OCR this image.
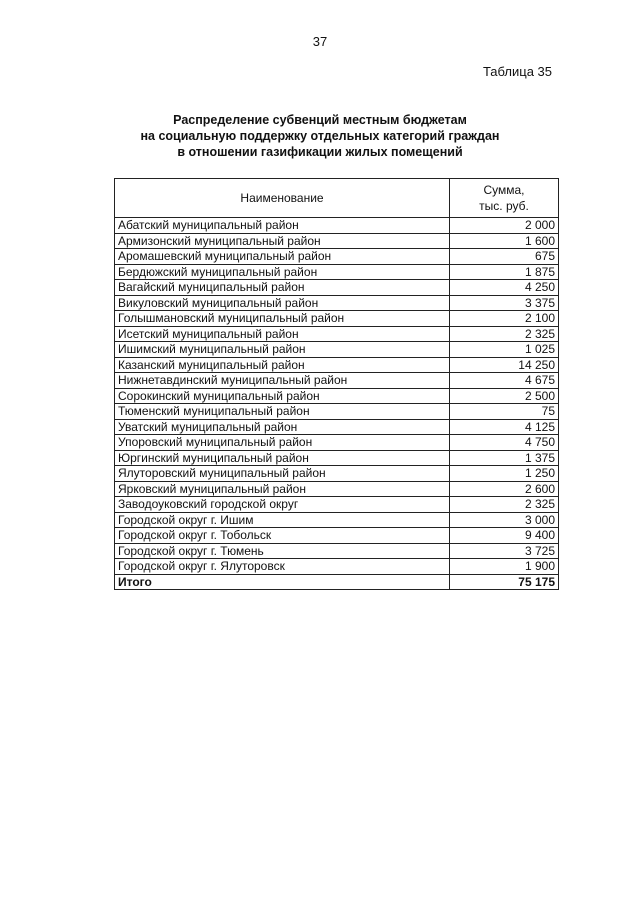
37
Таблица 35
Распределение субвенций местным бюджетам
на социальную поддержку отдельных категорий граждан
в отношении газификации жилых помещений
Наименование	Сумма,
тыс. руб.

Абатский муниципальный район	2 000
Армизонский муниципальный район	1 600
Аромашевский муниципальный район	675
Бердюжский муниципальный район	1 875
Вагайский муниципальный район	4 250
Викуловский муниципальный район	3 375
Голышмановский муниципальный район	2 100
Исетский муниципальный район	2 325
Ишимский муниципальный район	1 025
Казанский муниципальный район	14 250
Нижнетавдинский муниципальный район	4 675
Сорокинский муниципальный район	2 500
Тюменский муниципальный район	75
Уватский муниципальный район	4 125
Упоровский муниципальный район	4 750
Юргинский муниципальный район	1 375
Ялуторовский муниципальный район	1 250
Ярковский муниципальный район	2 600
Заводоуковский городской округ	2 325
Городской округ г. Ишим	3 000
Городской округ г. Тобольск	9 400
Городской округ г. Тюмень	3 725
Городской округ г. Ялуторовск	1 900
Итого	75 175
